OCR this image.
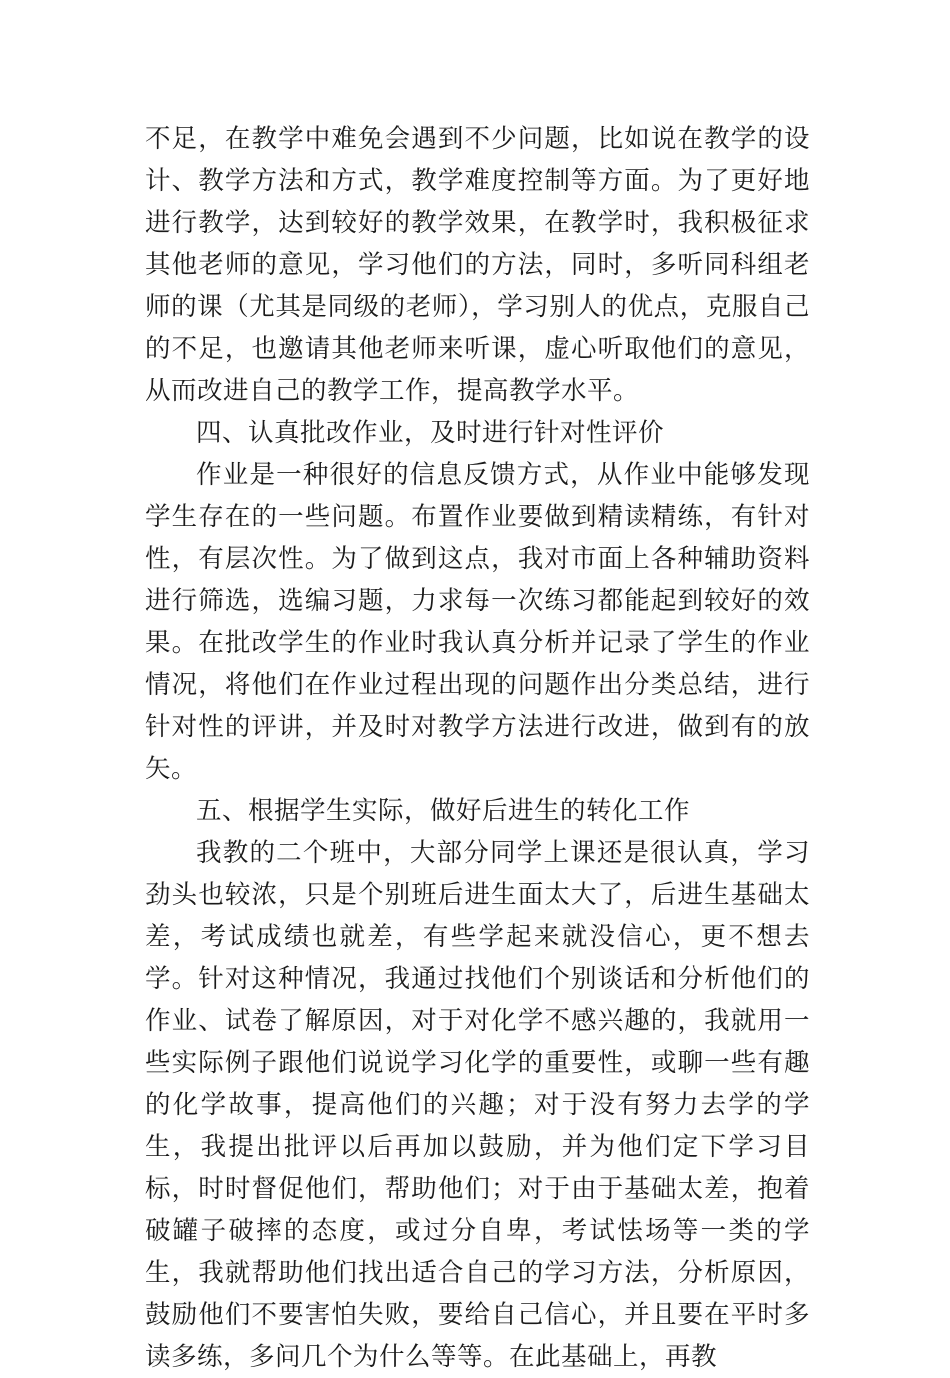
不足，在教学中难免会遇到不少问题，比如说在教学的设计、教学方法和方式，教学难度控制等方面。为了更好地进行教学，达到较好的教学效果，在教学时，我积极征求其他老师的意见，学习他们的方法，同时，多听同科组老师的课（尤其是同级的老师），学习别人的优点，克服自己的不足，也邀请其他老师来听课，虚心听取他们的意见，从而改进自己的教学工作，提高教学水平。

四、认真批改作业，及时进行针对性评价

作业是一种很好的信息反馈方式，从作业中能够发现学生存在的一些问题。布置作业要做到精读精练，有针对性，有层次性。为了做到这点，我对市面上各种辅助资料进行筛选，选编习题，力求每一次练习都能起到较好的效果。在批改学生的作业时我认真分析并记录了学生的作业情况，将他们在作业过程出现的问题作出分类总结，进行针对性的评讲，并及时对教学方法进行改进，做到有的放矢。

五、根据学生实际，做好后进生的转化工作

我教的二个班中，大部分同学上课还是很认真，学习劲头也较浓，只是个别班后进生面太大了，后进生基础太差，考试成绩也就差，有些学起来就没信心，更不想去学。针对这种情况，我通过找他们个别谈话和分析他们的作业、试卷了解原因，对于对化学不感兴趣的，我就用一些实际例子跟他们说说学习化学的重要性，或聊一些有趣的化学故事，提高他们的兴趣；对于没有努力去学的学生，我提出批评以后再加以鼓励，并为他们定下学习目标，时时督促他们，帮助他们；对于由于基础太差，抱着破罐子破摔的态度，或过分自卑，考试怯场等一类的学生，我就帮助他们找出适合自己的学习方法，分析原因，鼓励他们不要害怕失败，要给自己信心，并且要在平时多读多练，多问几个为什么等等。在此基础上，再教
